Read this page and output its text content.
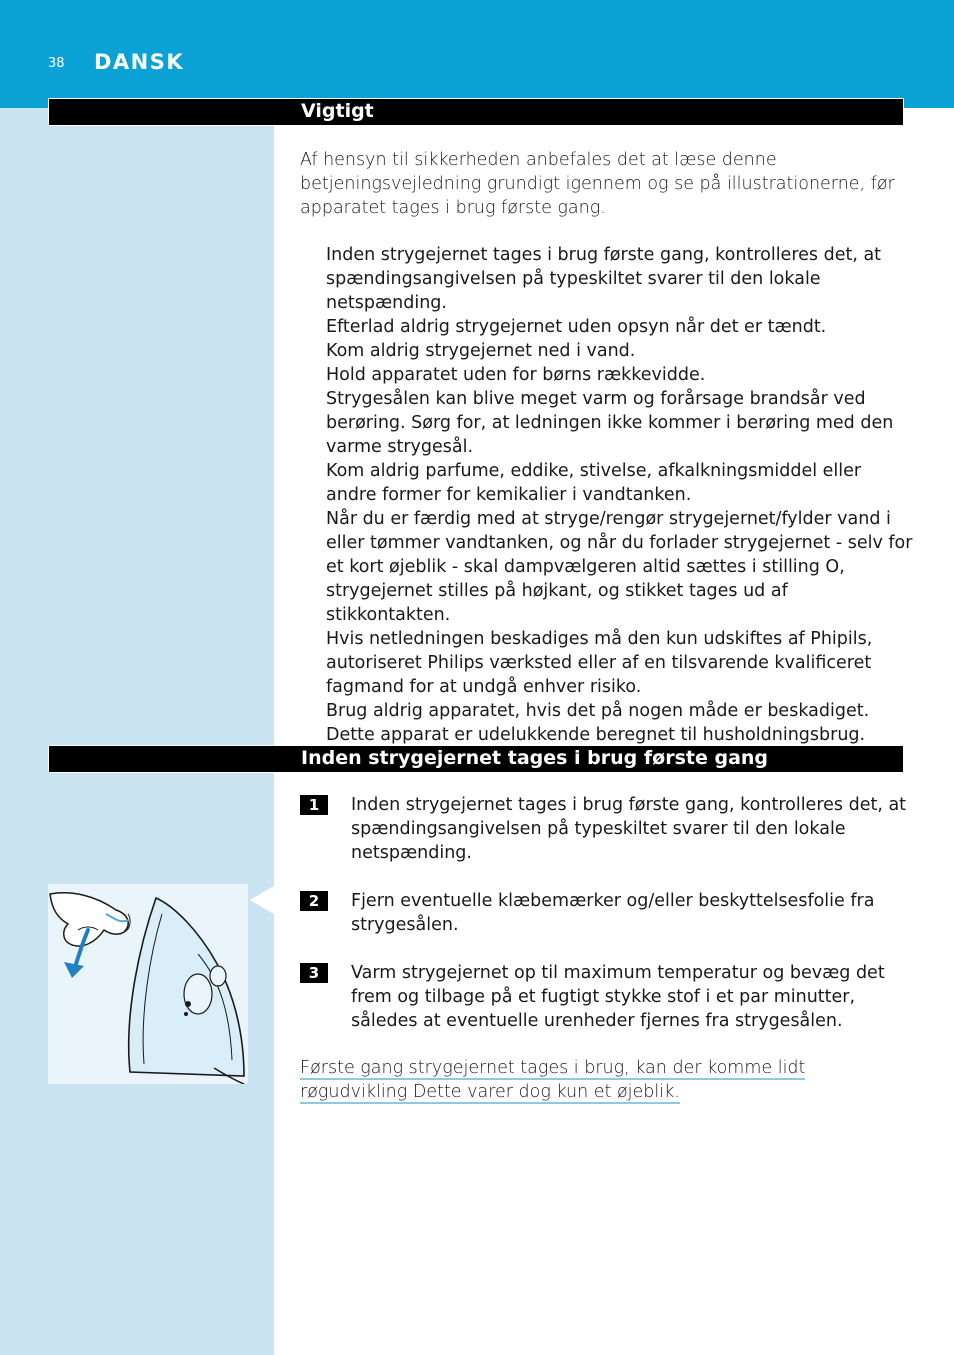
38 DANSK
Vigtigt

Af hensyn til sikkerheden anbefales det at læse denne betjeningsvejledning grundigt igennem og se på illustrationerne, før apparatet tages i brug første gang.

Inden strygejernet tages i brug første gang, kontrolleres det, at spændingsangivelsen på typeskiltet svarer til den lokale netspænding.
Efterlad aldrig strygejernet uden opsyn når det er tændt.
Kom aldrig strygejernet ned i vand.
Hold apparatet uden for børns rækkevidde.
Strygesålen kan blive meget varm og forårsage brandsår ved berøring. Sørg for, at ledningen ikke kommer i berøring med den varme strygesål.
Kom aldrig parfume, eddike, stivelse, afkalkningsmiddel eller andre former for kemikalier i vandtanken.
Når du er færdig med at stryge/rengør strygejernet/fylder vand i eller tømmer vandtanken, og når du forlader strygejernet - selv for et kort øjeblik - skal dampvælgeren altid sættes i stilling O, strygejernet stilles på højkant, og stikket tages ud af stikkontakten.
Hvis netledningen beskadiges må den kun udskiftes af Phipils, autoriseret Philips værksted eller af en tilsvarende kvalificeret fagmand for at undgå enhver risiko.
Brug aldrig apparatet, hvis det på nogen måde er beskadiget.
Dette apparat er udelukkende beregnet til husholdningsbrug.
Inden strygejernet tages i brug første gang
1	Inden strygejernet tages i brug første gang, kontrolleres det, at spændingsangivelsen på typeskiltet svarer til den lokale netspænding.
2	Fjern eventuelle klæbemærker og/eller beskyttelsesfolie fra strygesålen.
3	Varm strygejernet op til maximum temperatur og bevæg det frem og tilbage på et fugtigt stykke stof i et par minutter, således at eventuelle urenheder fjernes fra strygesålen.

Første gang strygejernet tages i brug, kan der komme lidt røgudvikling Dette varer dog kun et øjeblik.
